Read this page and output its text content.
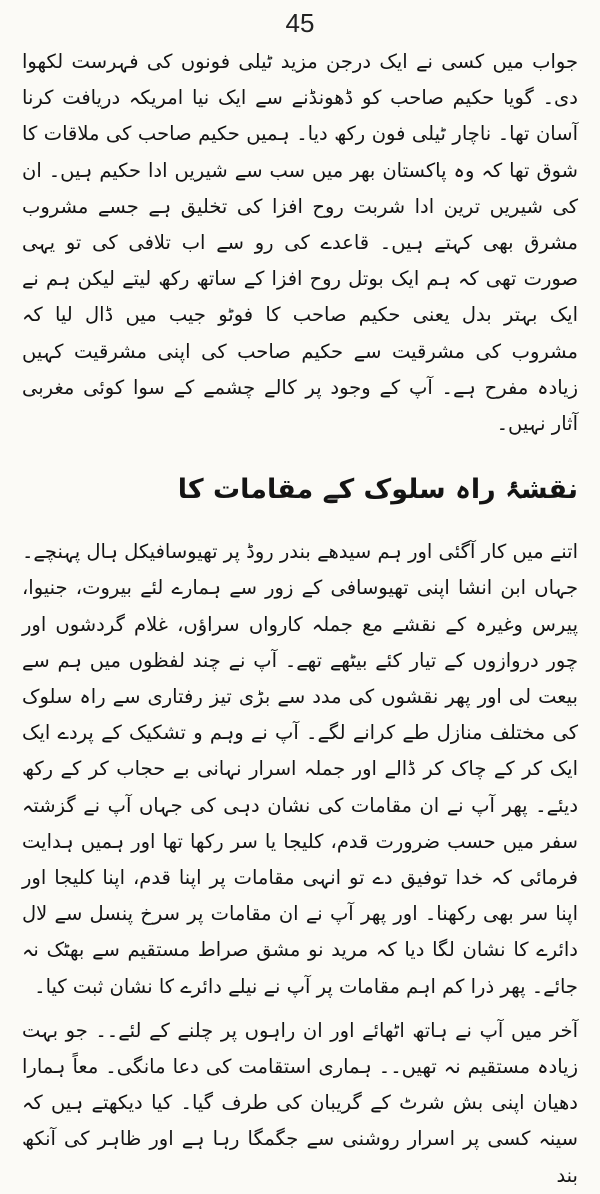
45

جواب میں کسی نے ایک درجن مزید ٹیلی فونوں کی فہرست لکھوا دی۔ گویا حکیم صاحب کو ڈھونڈنے سے ایک نیا امریکہ دریافت کرنا آسان تھا۔ ناچار ٹیلی فون رکھ دیا۔ ہمیں حکیم صاحب کی ملاقات کا شوق تھا کہ وہ پاکستان بھر میں سب سے شیریں ادا حکیم ہیں۔ ان کی شیریں ترین ادا شربت روح افزا کی تخلیق ہے جسے مشروب مشرق بھی کہتے ہیں۔ قاعدے کی رو سے اب تلافی کی تو یہی صورت تھی کہ ہم ایک بوتل روح افزا کے ساتھ رکھ لیتے لیکن ہم نے ایک بہتر بدل یعنی حکیم صاحب کا فوٹو جیب میں ڈال لیا کہ مشروب کی مشرقیت سے حکیم صاحب کی اپنی مشرقیت کہیں زیادہ مفرح ہے۔ آپ کے وجود پر کالے چشمے کے سوا کوئی مغربی آثار نہیں۔

نقشۂ راہ سلوک کے مقامات کا

اتنے میں کار آگئی اور ہم سیدھے بندر روڈ پر تھیوسافیکل ہال پہنچے۔ جہاں ابن انشا اپنی تھیوسافی کے زور سے ہمارے لئے بیروت، جنیوا، پیرس وغیرہ کے نقشے مع جملہ کارواں سراؤں، غلام گردشوں اور چور دروازوں کے تیار کئے بیٹھے تھے۔ آپ نے چند لفظوں میں ہم سے بیعت لی اور پھر نقشوں کی مدد سے بڑی تیز رفتاری سے راہ سلوک کی مختلف منازل طے کرانے لگے۔ آپ نے وہم و تشکیک کے پردے ایک ایک کر کے چاک کر ڈالے اور جملہ اسرار نہانی بے حجاب کر کے رکھ دیئے۔ پھر آپ نے ان مقامات کی نشان دہی کی جہاں آپ نے گزشتہ سفر میں حسب ضرورت قدم، کلیجا یا سر رکھا تھا اور ہمیں ہدایت فرمائی کہ خدا توفیق دے تو انہی مقامات پر اپنا قدم، اپنا کلیجا اور اپنا سر بھی رکھنا۔ اور پھر آپ نے ان مقامات پر سرخ پنسل سے لال دائرے کا نشان لگا دیا کہ مرید نو مشق صراط مستقیم سے بھٹک نہ جائے۔ پھر ذرا کم اہم مقامات پر آپ نے نیلے دائرے کا نشان ثبت کیا۔

آخر میں آپ نے ہاتھ اٹھائے اور ان راہوں پر چلنے کے لئے۔۔ جو بہت زیادہ مستقیم نہ تھیں۔۔ ہماری استقامت کی دعا مانگی۔ معاً ہمارا دھیان اپنی بش شرٹ کے گریبان کی طرف گیا۔ کیا دیکھتے ہیں کہ سینہ کسی پر اسرار روشنی سے جگمگا رہا ہے اور ظاہر کی آنکھ بند
